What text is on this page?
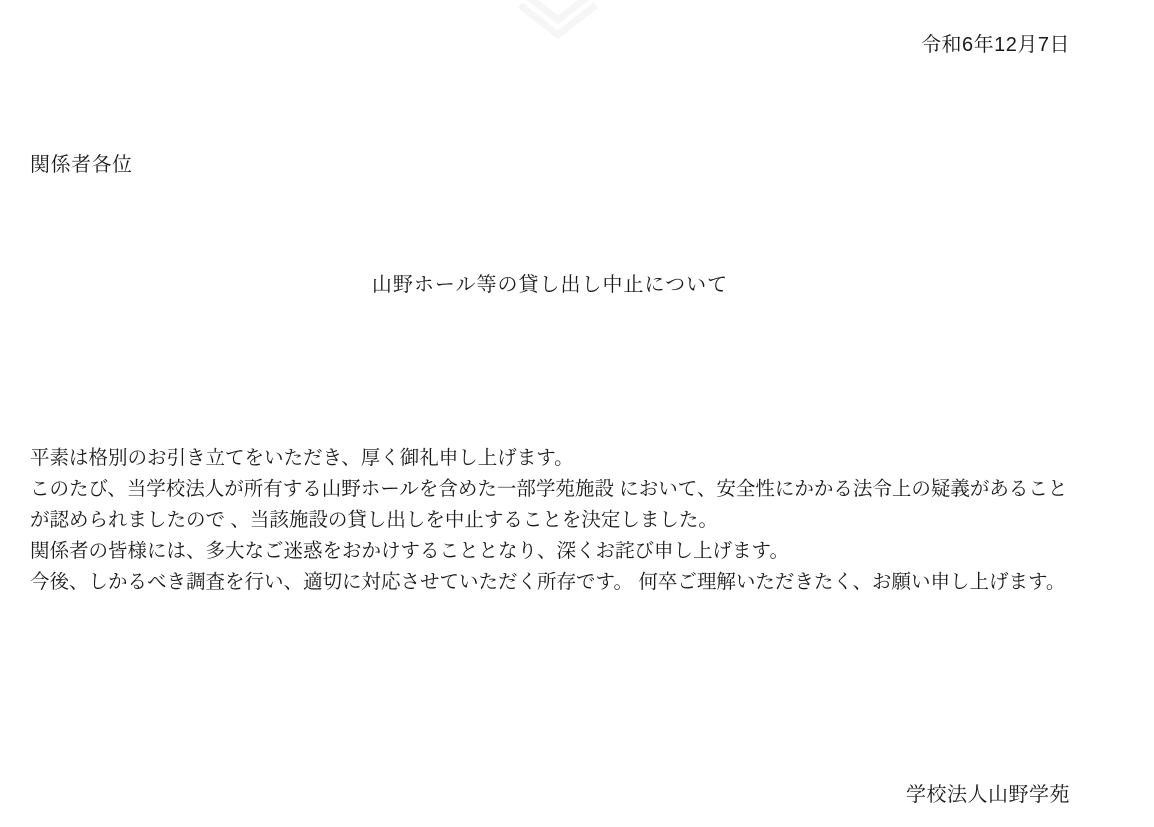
令和6年12月7日
関係者各位
山野ホール等の貸し出し中止について

平素は格別のお引き立てをいただき、厚く御礼申し上げます。

このたび、当学校法人が所有する山野ホールを含めた一部学苑施設 において、安全性にかかる法令上の疑義があることが認められましたので 、当該施設の貸し出しを中止することを決定しました。

関係者の皆様には、多大なご迷惑をおかけすることとなり、深くお詫び申し上げます。

今後、しかるべき調査を行い、適切に対応させていただく所存です。 何卒ご理解いただきたく、お願い申し上げます。

学校法人山野学苑
